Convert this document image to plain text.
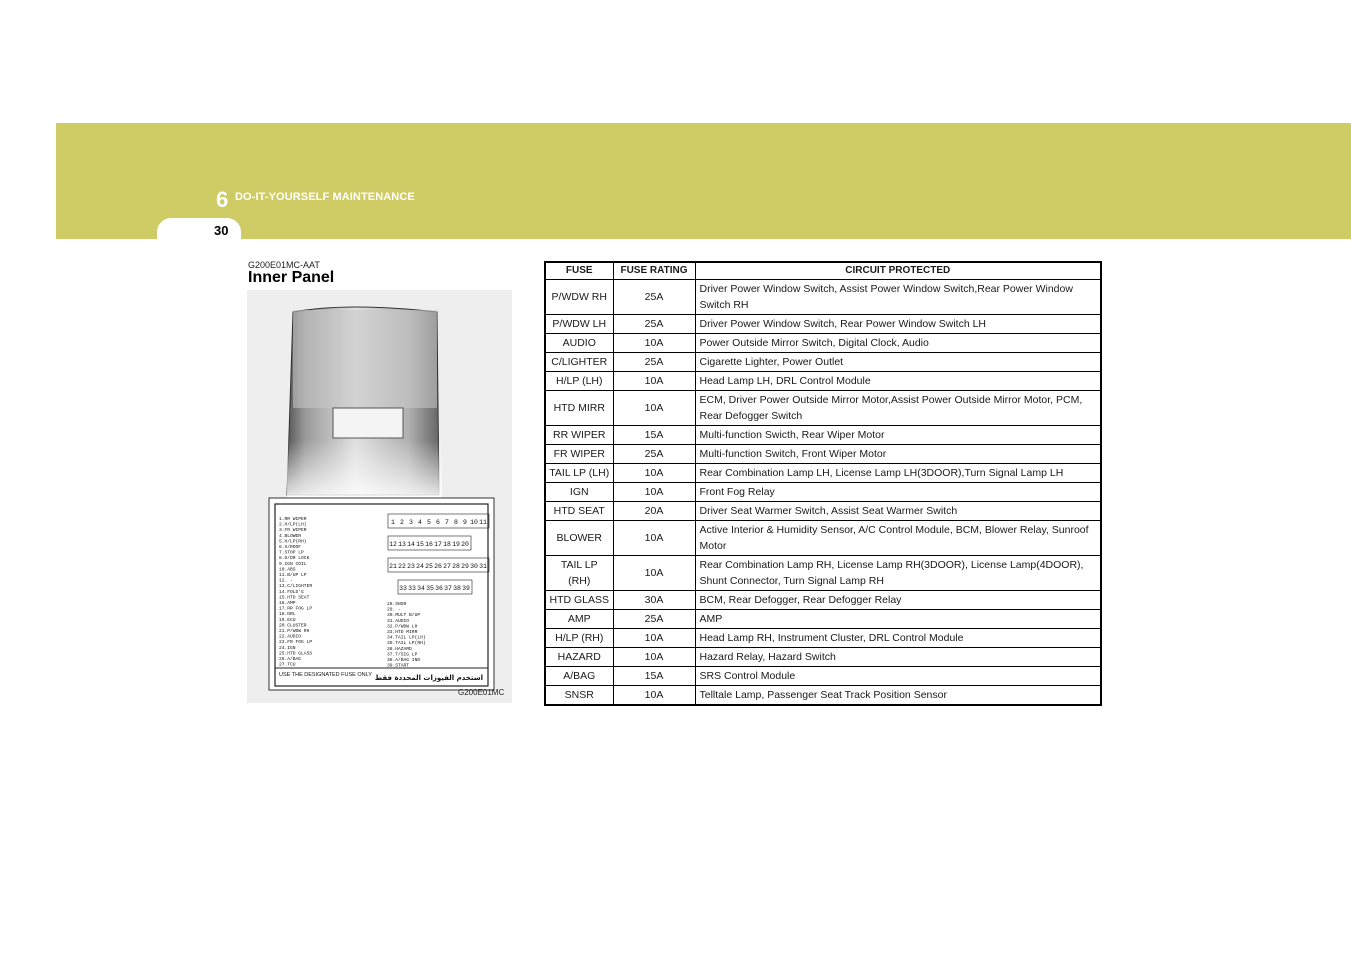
6 DO-IT-YOURSELF MAINTENANCE
30
G200E01MC-AAT
Inner Panel
1.RR WIPER
2.H/LP(LH)
3.FR WIPER
4.BLOWER
5.H/LP(RH)
6.S/ROOF
7.STOP LP
8.D/DR LOCK
9.IGN COIL
10.ABS
11.B/UP LP
12. -
13.C/LIGHTER
14.FOLD'G
15.HTD SEAT
16.AMP
17.RR FOG LP
18.DRL
19.ECU
20.CLUSTER
21.P/WDW RH
22.AUDIO
23.FR FOG LP
24.IGN
25.HTD GLASS
26.A/BAG
27.TCU
1 2 3 4 5 6 7 8 9 10 11
12 13 14 15 16 17 18 19 20
21 22 23 24 25 26 27 28 29 30 31
33 33 34 35 36 37 38 39
28.SNSR
29. -
30.MULT B/UP
31.AUDIO
32.P/WDW LH
33.HTD MIRR
34.TAIL LP(LH)
35.TAIL LP(RH)
36.HAZARD
37.T/SIG LP
38.A/BAG IND
39.START
USE THE DESIGNATED FUSE ONLY استخدم الفيوزات المحددة فقط
G200E01MC
FUSE	FUSE RATING	CIRCUIT PROTECTED
P/WDW RH	25A	Driver Power Window Switch, Assist Power Window Switch,Rear Power Window Switch RH
P/WDW LH	25A	Driver Power Window Switch, Rear Power Window Switch LH
AUDIO	10A	Power Outside Mirror Switch, Digital Clock, Audio
C/LIGHTER	25A	Cigarette Lighter, Power Outlet
H/LP (LH)	10A	Head Lamp LH, DRL Control Module
HTD MIRR	10A	ECM, Driver Power Outside Mirror Motor,Assist Power Outside Mirror Motor, PCM, Rear Defogger Switch
RR WIPER	15A	Multi-function Swicth, Rear Wiper Motor
FR WIPER	25A	Multi-function Switch, Front Wiper Motor
TAIL LP (LH)	10A	Rear Combination Lamp LH, License Lamp LH(3DOOR),Turn Signal Lamp LH
IGN	10A	Front Fog Relay
HTD SEAT	20A	Driver Seat Warmer Switch, Assist Seat Warmer Switch
BLOWER	10A	Active Interior & Humidity Sensor, A/C Control Module, BCM, Blower Relay, Sunroof Motor
TAIL LP (RH)	10A	Rear Combination Lamp RH, License Lamp RH(3DOOR), License Lamp(4DOOR), Shunt Connector, Turn Signal Lamp RH
HTD GLASS	30A	BCM, Rear Defogger, Rear Defogger Relay
AMP	25A	AMP
H/LP (RH)	10A	Head Lamp RH, Instrument Cluster, DRL Control Module
HAZARD	10A	Hazard Relay, Hazard Switch
A/BAG	15A	SRS Control Module
SNSR	10A	Telltale Lamp, Passenger Seat Track Position Sensor
